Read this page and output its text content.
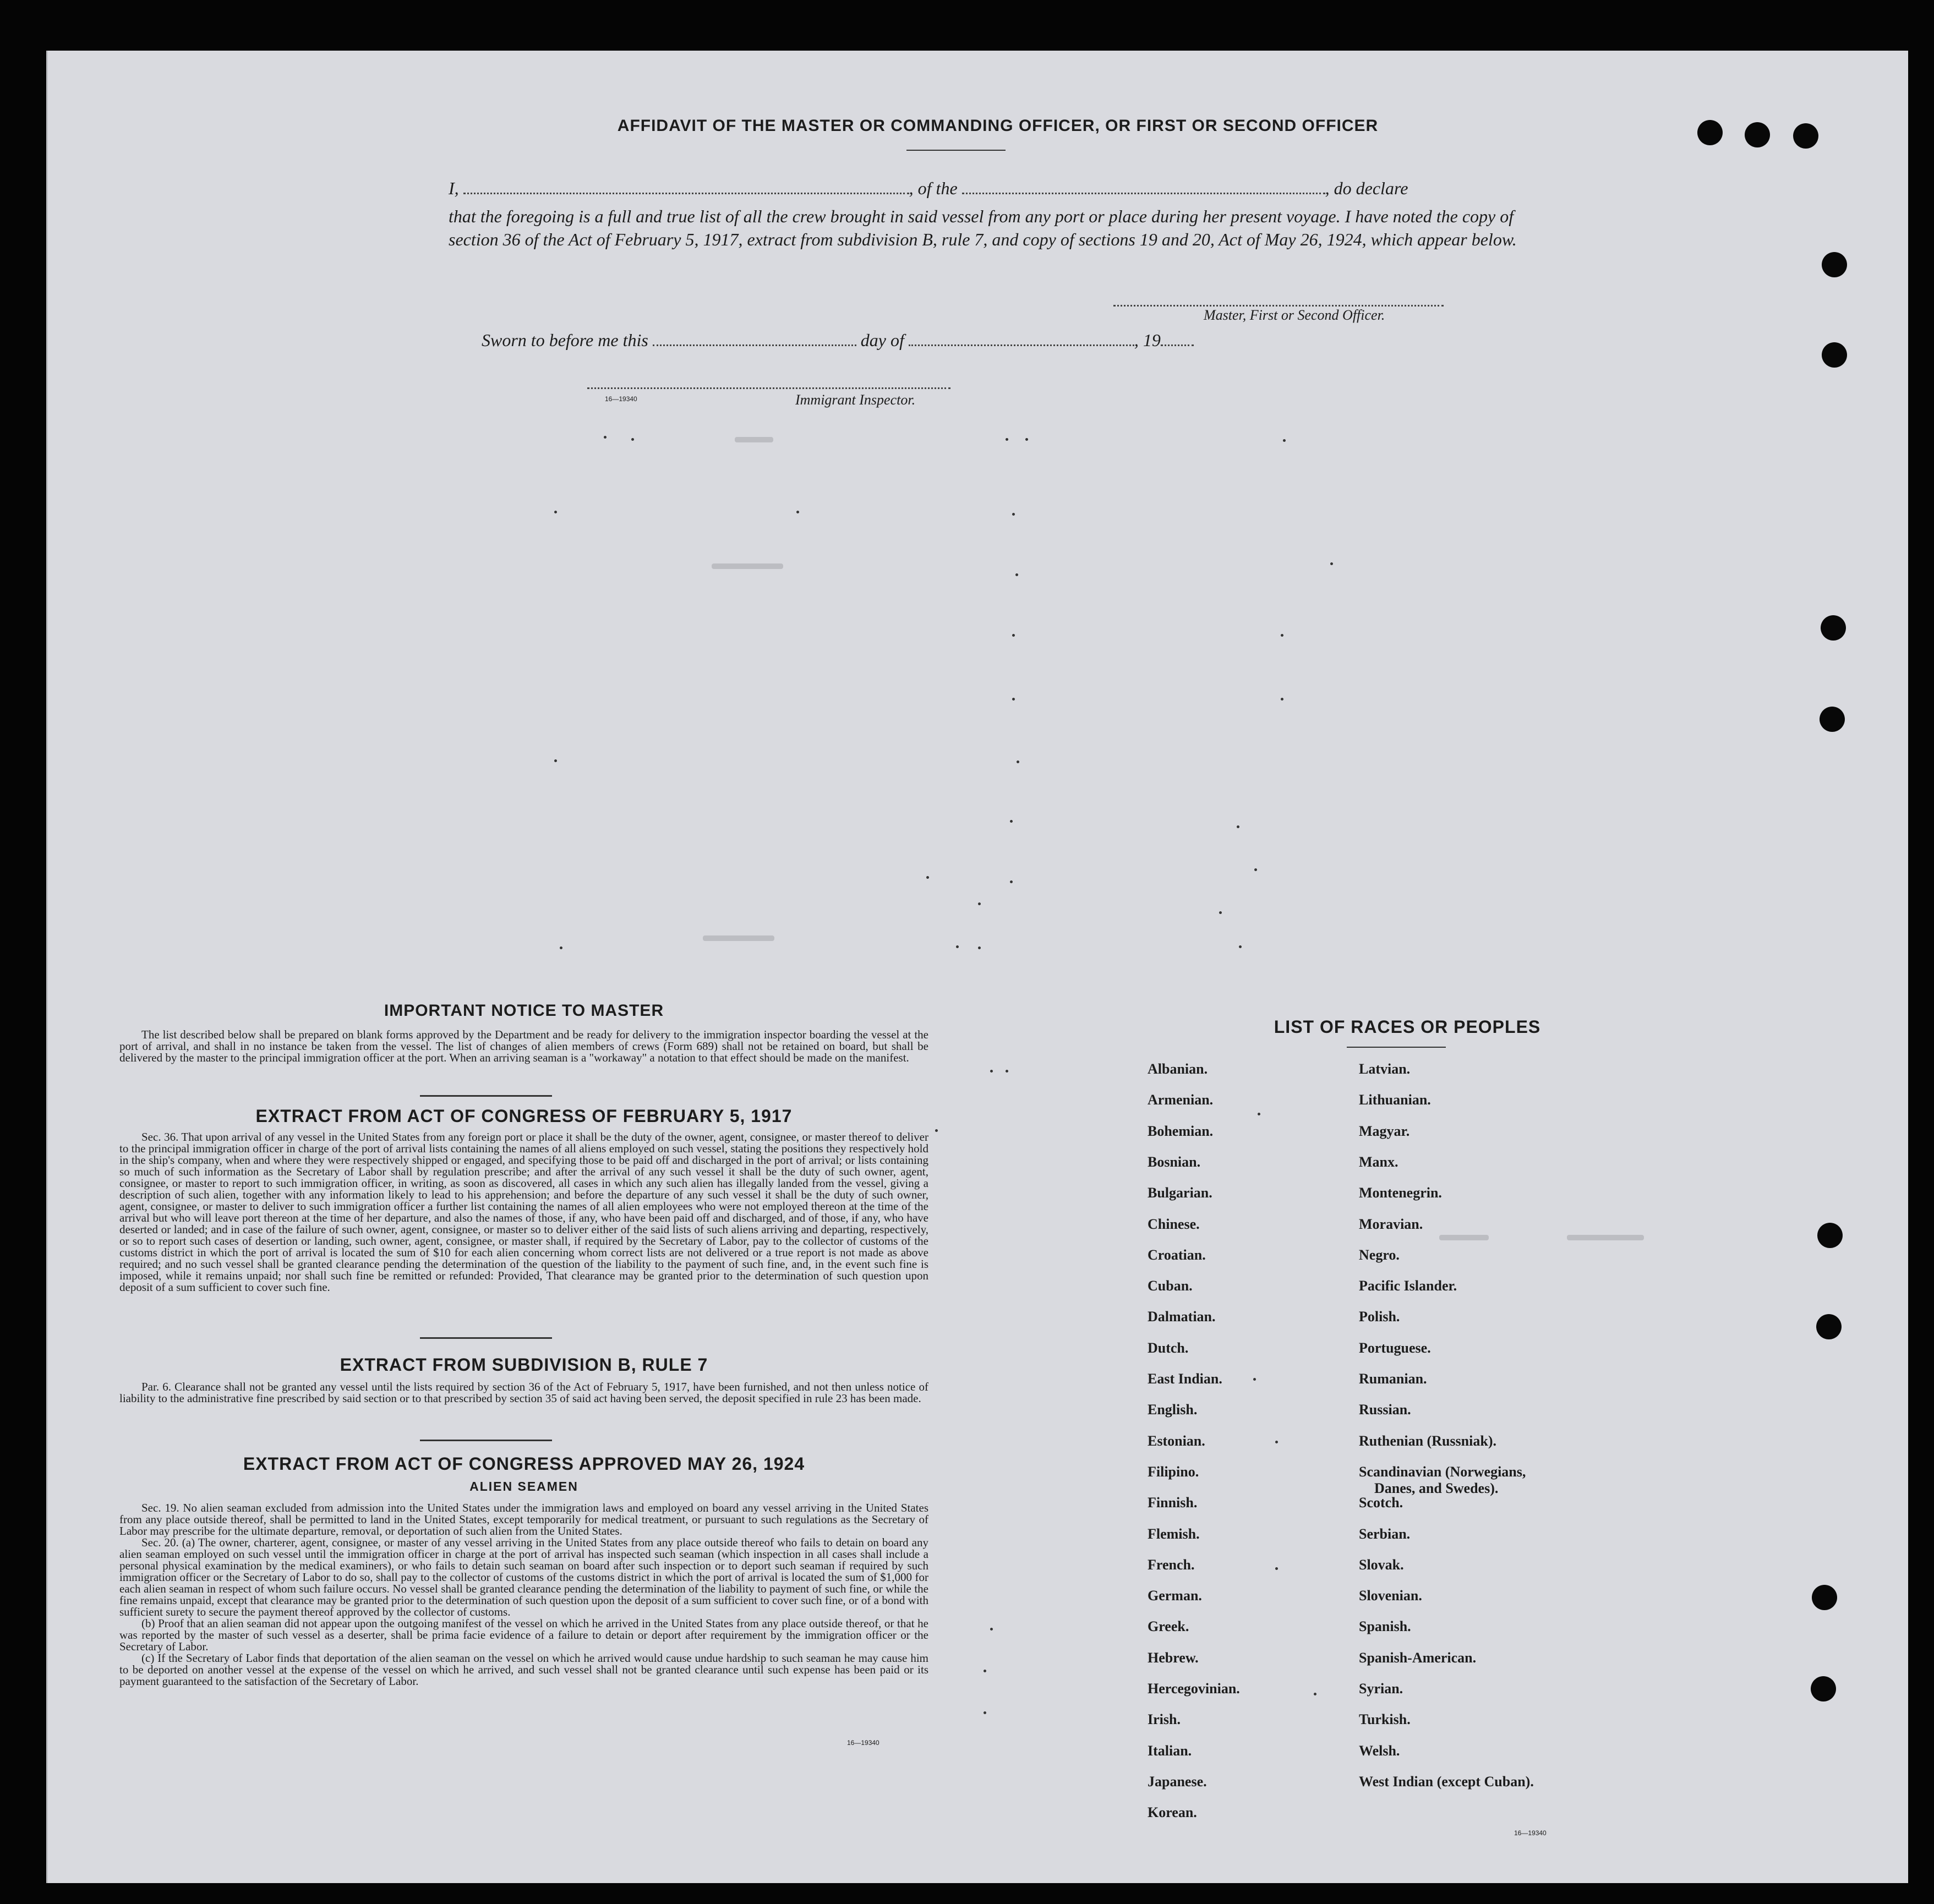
AFFIDAVIT OF THE MASTER OR COMMANDING OFFICER, OR FIRST OR SECOND OFFICER
I,	, of the	, do declare
that the foregoing is a full and true list of all the crew brought in said vessel from any port or place during her present voyage. I have noted the copy of section 36 of the Act of February 5, 1917, extract from subdivision B, rule 7, and copy of sections 19 and 20, Act of May 26, 1924, which appear below.
Master, First or Second Officer.
Sworn to before me this	day of	, 19
16—19340	Immigrant Inspector.
IMPORTANT NOTICE TO MASTER

The list described below shall be prepared on blank forms approved by the Department and be ready for delivery to the immigration inspector boarding the vessel at the port of arrival, and shall in no instance be taken from the vessel. The list of changes of alien members of crews (Form 689) shall not be retained on board, but shall be delivered by the master to the principal immigration officer at the port. When an arriving seaman is a "workaway" a notation to that effect should be made on the manifest.

EXTRACT FROM ACT OF CONGRESS OF FEBRUARY 5, 1917

Sec. 36. That upon arrival of any vessel in the United States from any foreign port or place it shall be the duty of the owner, agent, consignee, or master thereof to deliver to the principal immigration officer in charge of the port of arrival lists containing the names of all aliens employed on such vessel, stating the positions they respectively hold in the ship's company, when and where they were respectively shipped or engaged, and specifying those to be paid off and discharged in the port of arrival; or lists containing so much of such information as the Secretary of Labor shall by regulation prescribe; and after the arrival of any such vessel it shall be the duty of such owner, agent, consignee, or master to report to such immigration officer, in writing, as soon as discovered, all cases in which any such alien has illegally landed from the vessel, giving a description of such alien, together with any information likely to lead to his apprehension; and before the departure of any such vessel it shall be the duty of such owner, agent, consignee, or master to deliver to such immigration officer a further list containing the names of all alien employees who were not employed thereon at the time of the arrival but who will leave port thereon at the time of her departure, and also the names of those, if any, who have been paid off and discharged, and of those, if any, who have deserted or landed; and in case of the failure of such owner, agent, consignee, or master so to deliver either of the said lists of such aliens arriving and departing, respectively, or so to report such cases of desertion or landing, such owner, agent, consignee, or master shall, if required by the Secretary of Labor, pay to the collector of customs of the customs district in which the port of arrival is located the sum of $10 for each alien concerning whom correct lists are not delivered or a true report is not made as above required; and no such vessel shall be granted clearance pending the determination of the question of the liability to the payment of such fine, and, in the event such fine is imposed, while it remains unpaid; nor shall such fine be remitted or refunded: Provided, That clearance may be granted prior to the determination of such question upon deposit of a sum sufficient to cover such fine.

EXTRACT FROM SUBDIVISION B, RULE 7

Par. 6. Clearance shall not be granted any vessel until the lists required by section 36 of the Act of February 5, 1917, have been furnished, and not then unless notice of liability to the administrative fine prescribed by said section or to that prescribed by section 35 of said act having been served, the deposit specified in rule 23 has been made.

EXTRACT FROM ACT OF CONGRESS APPROVED MAY 26, 1924
ALIEN SEAMEN

Sec. 19. No alien seaman excluded from admission into the United States under the immigration laws and employed on board any vessel arriving in the United States from any place outside thereof, shall be permitted to land in the United States, except temporarily for medical treatment, or pursuant to such regulations as the Secretary of Labor may prescribe for the ultimate departure, removal, or deportation of such alien from the United States.

Sec. 20. (a) The owner, charterer, agent, consignee, or master of any vessel arriving in the United States from any place outside thereof who fails to detain on board any alien seaman employed on such vessel until the immigration officer in charge at the port of arrival has inspected such seaman (which inspection in all cases shall include a personal physical examination by the medical examiners), or who fails to detain such seaman on board after such inspection or to deport such seaman if required by such immigration officer or the Secretary of Labor to do so, shall pay to the collector of customs of the customs district in which the port of arrival is located the sum of $1,000 for each alien seaman in respect of whom such failure occurs. No vessel shall be granted clearance pending the determination of the liability to payment of such fine, or while the fine remains unpaid, except that clearance may be granted prior to the determination of such question upon the deposit of a sum sufficient to cover such fine, or of a bond with sufficient surety to secure the payment thereof approved by the collector of customs.

(b) Proof that an alien seaman did not appear upon the outgoing manifest of the vessel on which he arrived in the United States from any place outside thereof, or that he was reported by the master of such vessel as a deserter, shall be prima facie evidence of a failure to detain or deport after requirement by the immigration officer or the Secretary of Labor.

(c) If the Secretary of Labor finds that deportation of the alien seaman on the vessel on which he arrived would cause undue hardship to such seaman he may cause him to be deported on another vessel at the expense of the vessel on which he arrived, and such vessel shall not be granted clearance until such expense has been paid or its payment guaranteed to the satisfaction of the Secretary of Labor.

16—19340
LIST OF RACES OR PEOPLES
Albanian.
Armenian.
Bohemian.
Bosnian.
Bulgarian.
Chinese.
Croatian.
Cuban.
Dalmatian.
Dutch.
East Indian.
English.
Estonian.
Filipino.
Finnish.
Flemish.
French.
German.
Greek.
Hebrew.
Hercegovinian.
Irish.
Italian.
Japanese.
Korean.
Latvian.
Lithuanian.
Magyar.
Manx.
Montenegrin.
Moravian.
Negro.
Pacific Islander.
Polish.
Portuguese.
Rumanian.
Russian.
Ruthenian (Russniak).
Scandinavian (Norwegians,
Danes, and Swedes).
Scotch.
Serbian.
Slovak.
Slovenian.
Spanish.
Spanish-American.
Syrian.
Turkish.
Welsh.
West Indian (except Cuban).
16—19340
